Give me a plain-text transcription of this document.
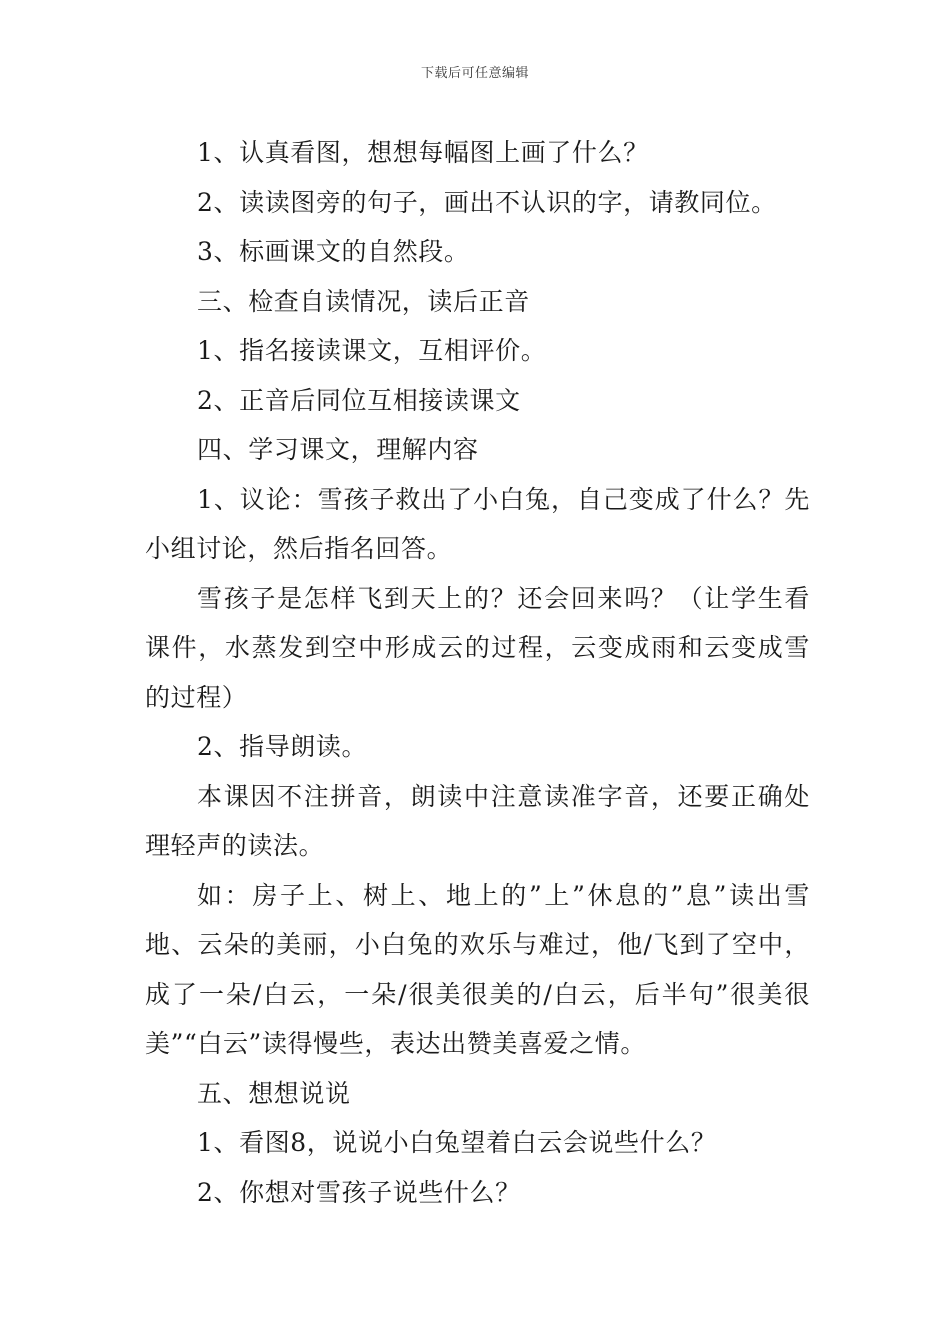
下载后可任意编辑

1、认真看图，想想每幅图上画了什么？

2、读读图旁的句子，画出不认识的字，请教同位。

3、标画课文的自然段。

三、检查自读情况，读后正音

1、指名接读课文，互相评价。

2、正音后同位互相接读课文

四、学习课文，理解内容

1、议论：雪孩子救出了小白兔，自己变成了什么？先小组讨论，然后指名回答。

雪孩子是怎样飞到天上的？还会回来吗？（让学生看课件，水蒸发到空中形成云的过程，云变成雨和云变成雪的过程）

2、指导朗读。

本课因不注拼音，朗读中注意读准字音，还要正确处理轻声的读法。

如：房子上、树上、地上的”上”休息的”息”读出雪地、云朵的美丽，小白兔的欢乐与难过，他/飞到了空中，成了一朵/白云，一朵/很美很美的/白云，后半句”很美很美”“白云”读得慢些，表达出赞美喜爱之情。

五、想想说说

1、看图8，说说小白兔望着白云会说些什么？

2、你想对雪孩子说些什么？
